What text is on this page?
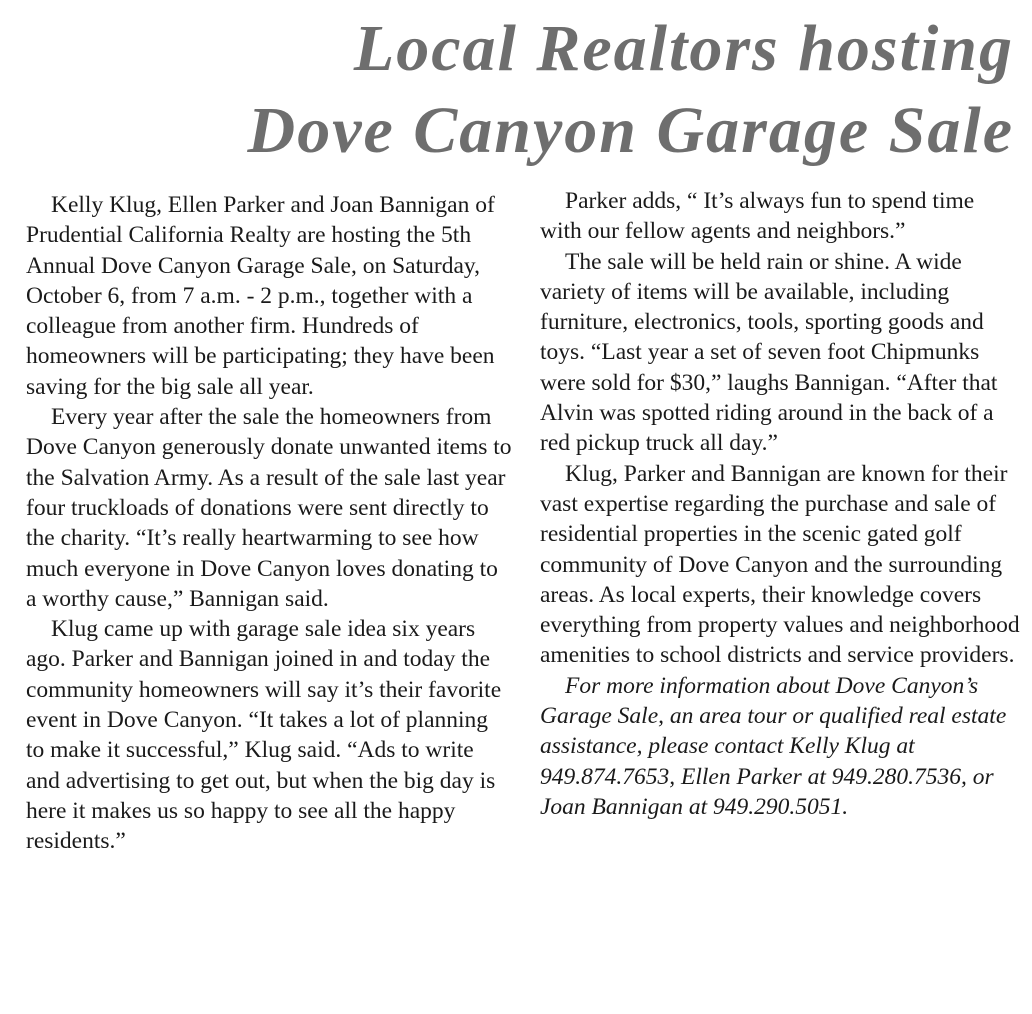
Local Realtors hosting
Dove Canyon Garage Sale

Kelly Klug, Ellen Parker and Joan Bannigan of Prudential California Realty are hosting the 5th Annual Dove Canyon Garage Sale, on Saturday, October 6, from 7 a.m. - 2 p.m., together with a colleague from another firm. Hundreds of homeowners will be participating; they have been saving for the big sale all year.

Every year after the sale the homeowners from Dove Canyon generously donate unwanted items to the Salvation Army. As a result of the sale last year four truckloads of donations were sent directly to the charity. “It’s really heartwarming to see how much everyone in Dove Canyon loves donating to a worthy cause,” Bannigan said.

Klug came up with garage sale idea six years ago. Parker and Bannigan joined in and today the community homeowners will say it’s their favorite event in Dove Canyon. “It takes a lot of planning to make it successful,” Klug said. “Ads to write and advertising to get out, but when the big day is here it makes us so happy to see all the happy residents.”

Parker adds, “ It’s always fun to spend time with our fellow agents and neighbors.”

The sale will be held rain or shine. A wide variety of items will be available, including furniture, electronics, tools, sporting goods and toys. “Last year a set of seven foot Chipmunks were sold for $30,” laughs Bannigan. “After that Alvin was spotted riding around in the back of a red pickup truck all day.”

Klug, Parker and Bannigan are known for their vast expertise regarding the purchase and sale of residential properties in the scenic gated golf community of Dove Canyon and the surrounding areas. As local experts, their knowledge covers everything from property values and neighborhood amenities to school districts and service providers.

For more information about Dove Canyon’s Garage Sale, an area tour or qualified real estate assistance, please contact Kelly Klug at 949.874.7653, Ellen Parker at 949.280.7536, or Joan Bannigan at 949.290.5051.
